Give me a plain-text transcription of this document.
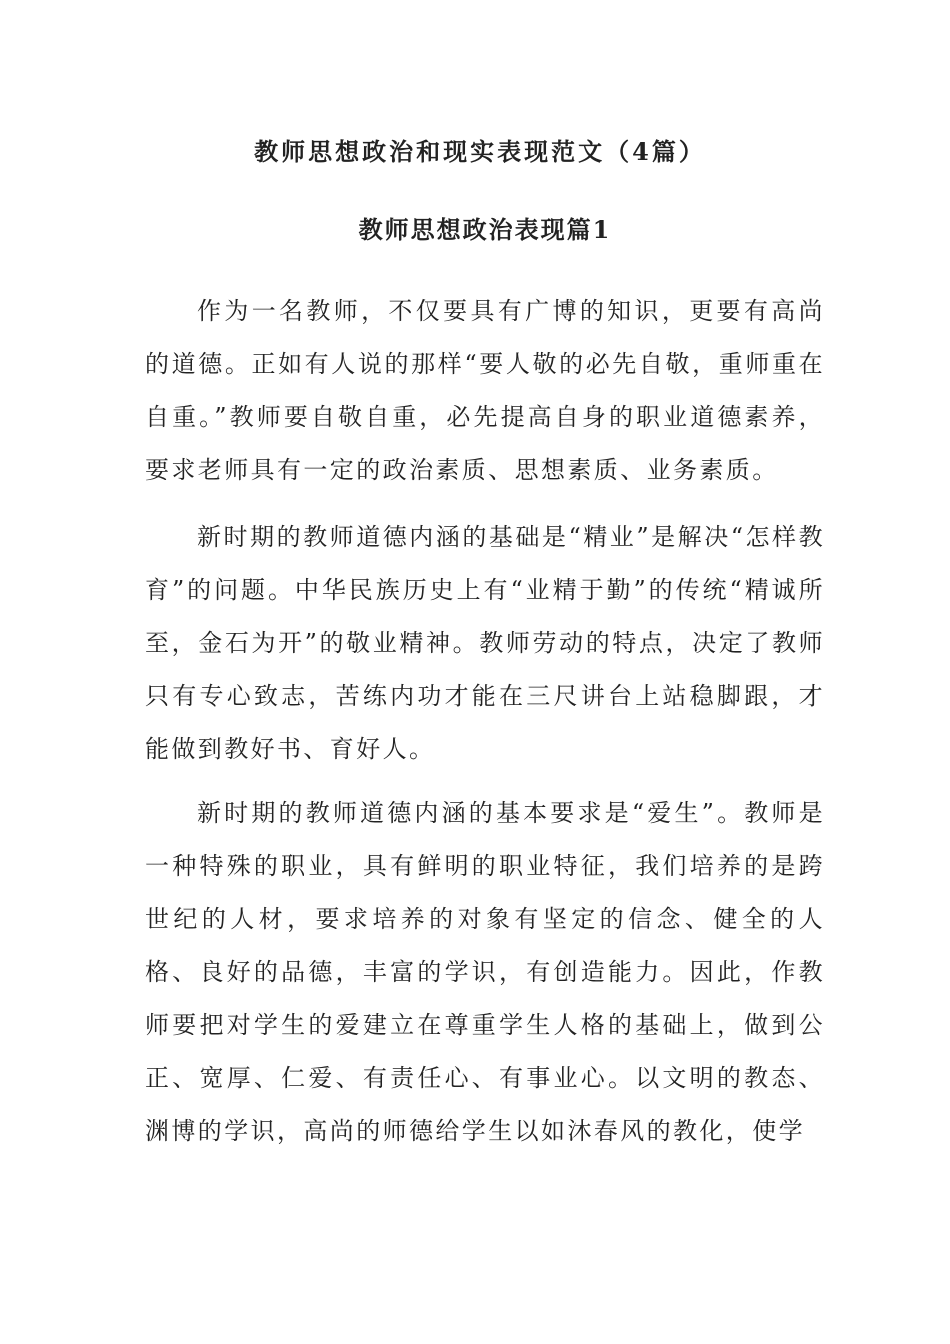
教师思想政治和现实表现范文（4篇）
教师思想政治表现篇1

作为一名教师，不仅要具有广博的知识，更要有高尚的道德。正如有人说的那样“要人敬的必先自敬，重师重在自重。”教师要自敬自重，必先提高自身的职业道德素养，要求老师具有一定的政治素质、思想素质、业务素质。

新时期的教师道德内涵的基础是“精业”是解决“怎样教育”的问题。中华民族历史上有“业精于勤”的传统“精诚所至，金石为开”的敬业精神。教师劳动的特点，决定了教师只有专心致志，苦练内功才能在三尺讲台上站稳脚跟，才能做到教好书、育好人。

新时期的教师道德内涵的基本要求是“爱生”。教师是一种特殊的职业，具有鲜明的职业特征，我们培养的是跨世纪的人材，要求培养的对象有坚定的信念、健全的人格、良好的品德，丰富的学识，有创造能力。因此，作教师要把对学生的爱建立在尊重学生人格的基础上，做到公正、宽厚、仁爱、有责任心、有事业心。以文明的教态、渊博的学识，高尚的师德给学生以如沐春风的教化，使学
